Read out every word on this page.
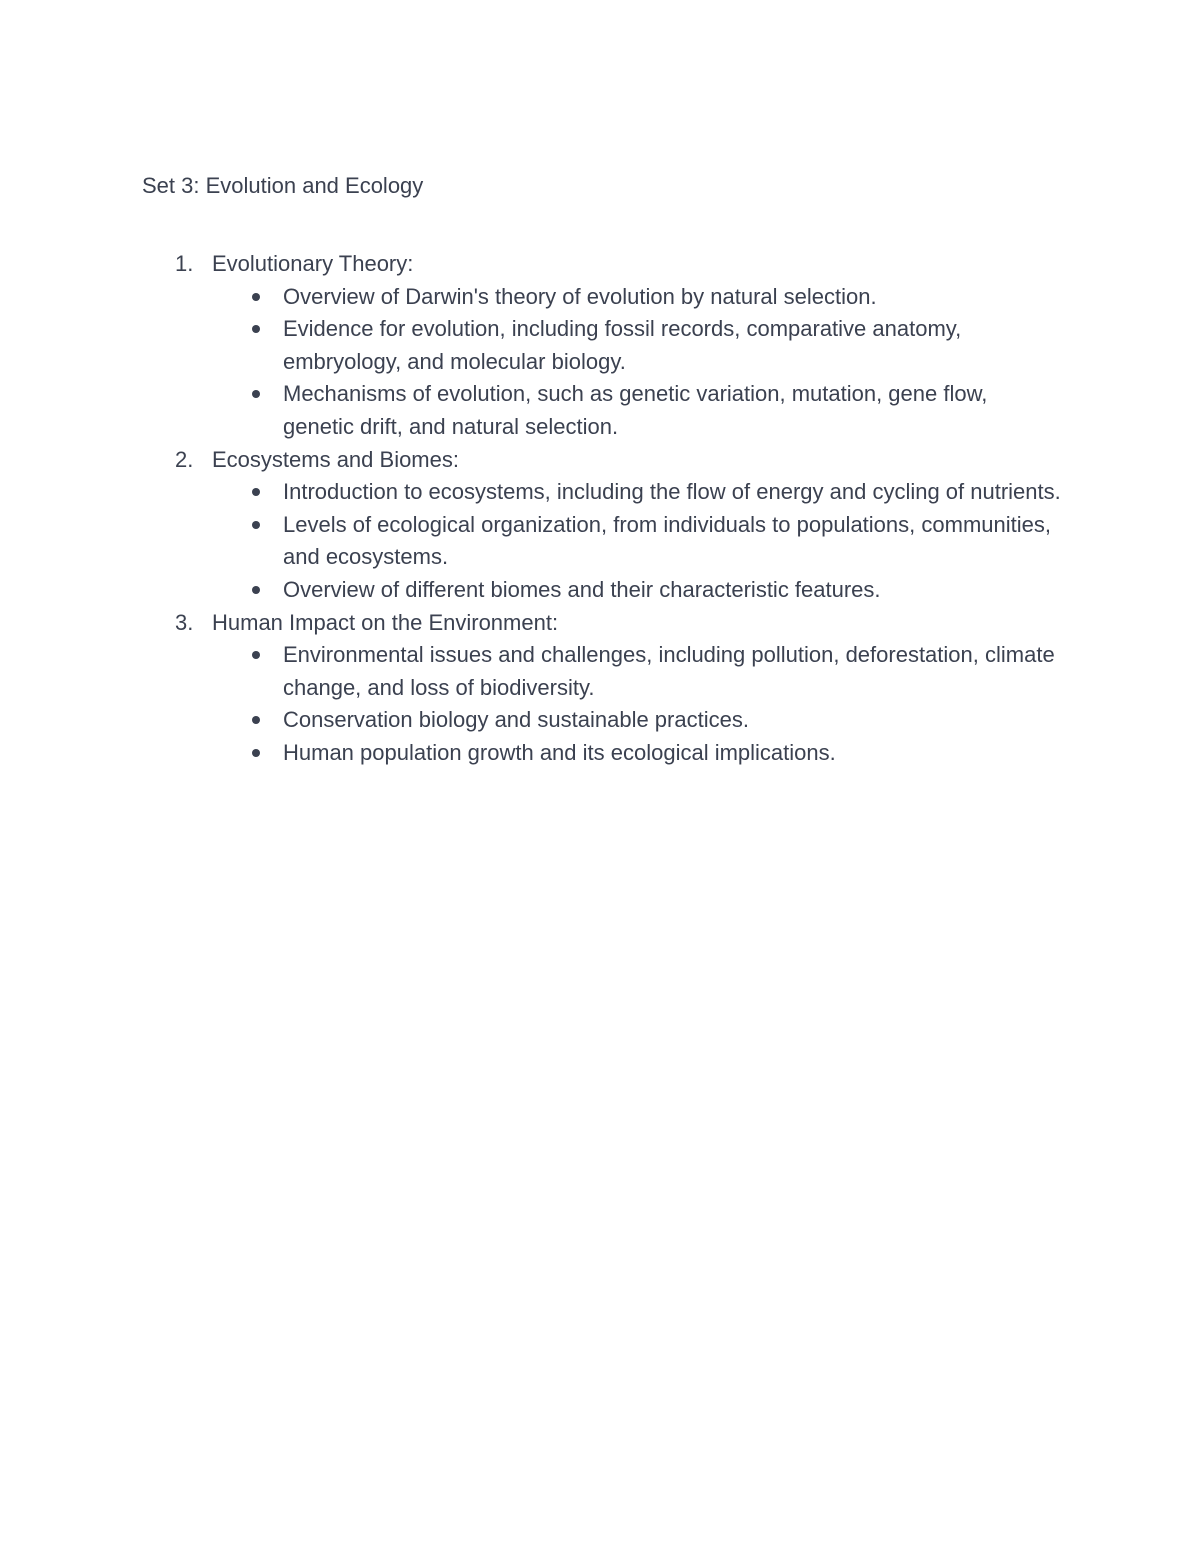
Set 3: Evolution and Ecology
1. Evolutionary Theory:
Overview of Darwin's theory of evolution by natural selection.
Evidence for evolution, including fossil records, comparative anatomy, embryology, and molecular biology.
Mechanisms of evolution, such as genetic variation, mutation, gene flow, genetic drift, and natural selection.
2. Ecosystems and Biomes:
Introduction to ecosystems, including the flow of energy and cycling of nutrients.
Levels of ecological organization, from individuals to populations, communities, and ecosystems.
Overview of different biomes and their characteristic features.
3. Human Impact on the Environment:
Environmental issues and challenges, including pollution, deforestation, climate change, and loss of biodiversity.
Conservation biology and sustainable practices.
Human population growth and its ecological implications.
